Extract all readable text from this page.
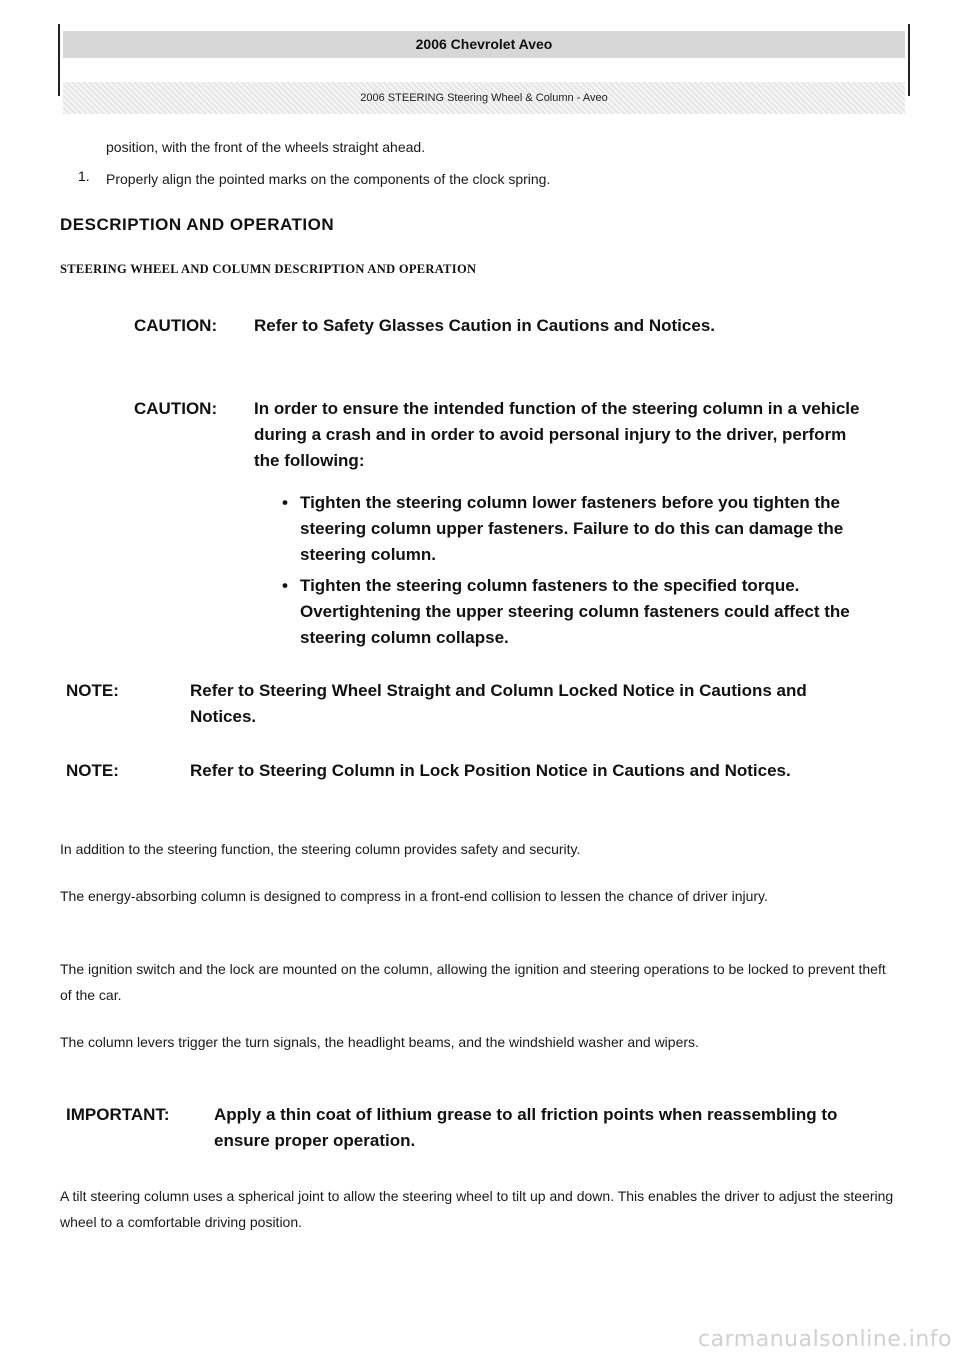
2006 Chevrolet Aveo
2006 STEERING Steering Wheel & Column - Aveo
position, with the front of the wheels straight ahead.
1. Properly align the pointed marks on the components of the clock spring.
DESCRIPTION AND OPERATION
STEERING WHEEL AND COLUMN DESCRIPTION AND OPERATION
CAUTION: Refer to Safety Glasses Caution in Cautions and Notices.
CAUTION: In order to ensure the intended function of the steering column in a vehicle during a crash and in order to avoid personal injury to the driver, perform the following:
• Tighten the steering column lower fasteners before you tighten the steering column upper fasteners. Failure to do this can damage the steering column.
• Tighten the steering column fasteners to the specified torque. Overtightening the upper steering column fasteners could affect the steering column collapse.
NOTE:	Refer to Steering Wheel Straight and Column Locked Notice in Cautions and Notices.
NOTE:	Refer to Steering Column in Lock Position Notice in Cautions and Notices.
In addition to the steering function, the steering column provides safety and security.
The energy-absorbing column is designed to compress in a front-end collision to lessen the chance of driver injury.
The ignition switch and the lock are mounted on the column, allowing the ignition and steering operations to be locked to prevent theft of the car.
The column levers trigger the turn signals, the headlight beams, and the windshield washer and wipers.
IMPORTANT:	Apply a thin coat of lithium grease to all friction points when reassembling to ensure proper operation.
A tilt steering column uses a spherical joint to allow the steering wheel to tilt up and down. This enables the driver to adjust the steering wheel to a comfortable driving position.
carmanualsonline.info
